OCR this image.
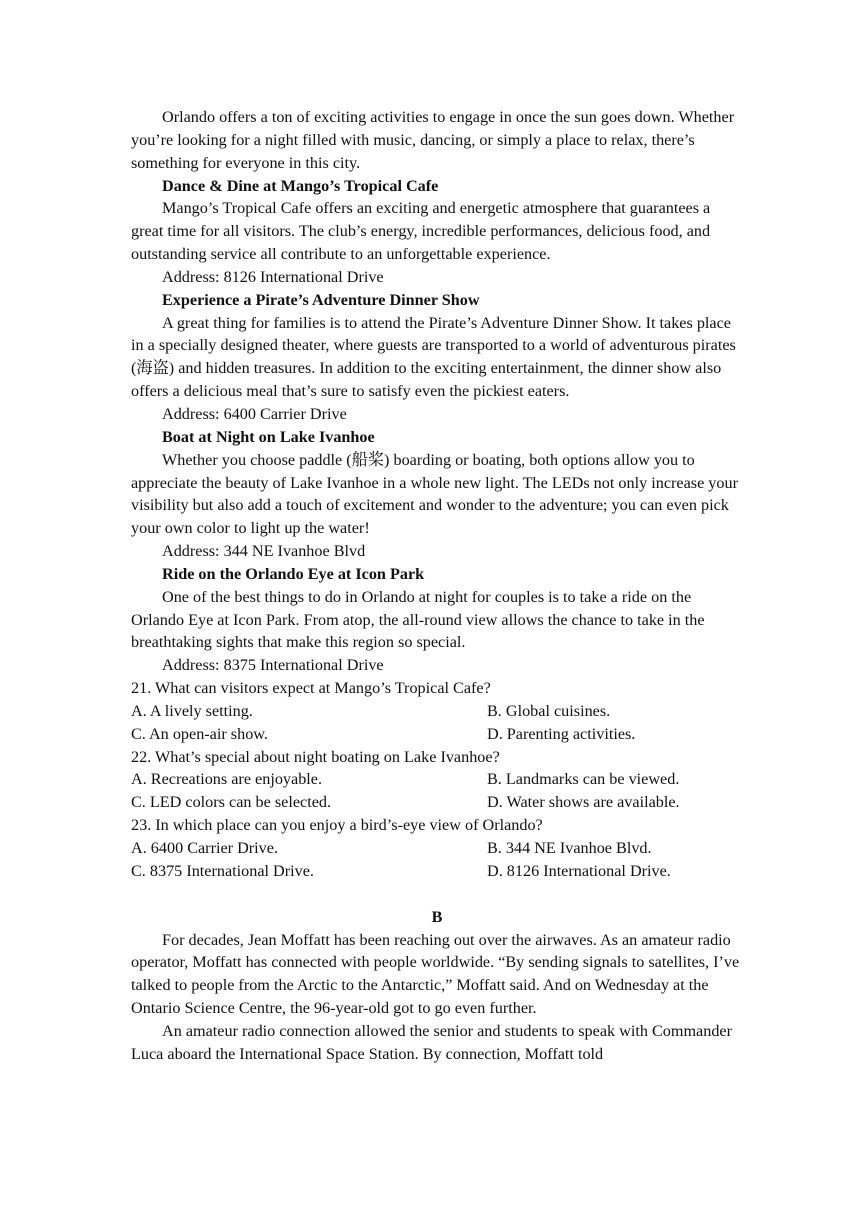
Orlando offers a ton of exciting activities to engage in once the sun goes down. Whether you’re looking for a night filled with music, dancing, or simply a place to relax, there’s something for everyone in this city.

Dance & Dine at Mango’s Tropical Cafe

Mango’s Tropical Cafe offers an exciting and energetic atmosphere that guarantees a great time for all visitors. The club’s energy, incredible performances, delicious food, and outstanding service all contribute to an unforgettable experience.

Address: 8126 International Drive

Experience a Pirate’s Adventure Dinner Show

A great thing for families is to attend the Pirate’s Adventure Dinner Show. It takes place in a specially designed theater, where guests are transported to a world of adventurous pirates (海盗) and hidden treasures. In addition to the exciting entertainment, the dinner show also offers a delicious meal that’s sure to satisfy even the pickiest eaters.

Address: 6400 Carrier Drive

Boat at Night on Lake Ivanhoe

Whether you choose paddle (船桨) boarding or boating, both options allow you to appreciate the beauty of Lake Ivanhoe in a whole new light. The LEDs not only increase your visibility but also add a touch of excitement and wonder to the adventure; you can even pick your own color to light up the water!

Address: 344 NE Ivanhoe Blvd

Ride on the Orlando Eye at Icon Park

One of the best things to do in Orlando at night for couples is to take a ride on the Orlando Eye at Icon Park. From atop, the all-round view allows the chance to take in the breathtaking sights that make this region so special.

Address: 8375 International Drive

21. What can visitors expect at Mango’s Tropical Cafe?

A. A lively setting.	B. Global cuisines.
C. An open-air show.	D. Parenting activities.

22. What’s special about night boating on Lake Ivanhoe?

A. Recreations are enjoyable.	B. Landmarks can be viewed.
C. LED colors can be selected.	D. Water shows are available.

23. In which place can you enjoy a bird’s-eye view of Orlando?

A. 6400 Carrier Drive.	B. 344 NE Ivanhoe Blvd.
C. 8375 International Drive.	D. 8126 International Drive.

B

For decades, Jean Moffatt has been reaching out over the airwaves. As an amateur radio operator, Moffatt has connected with people worldwide. “By sending signals to satellites, I’ve talked to people from the Arctic to the Antarctic,” Moffatt said. And on Wednesday at the Ontario Science Centre, the 96-year-old got to go even further.

An amateur radio connection allowed the senior and students to speak with Commander Luca aboard the International Space Station. By connection, Moffatt told
